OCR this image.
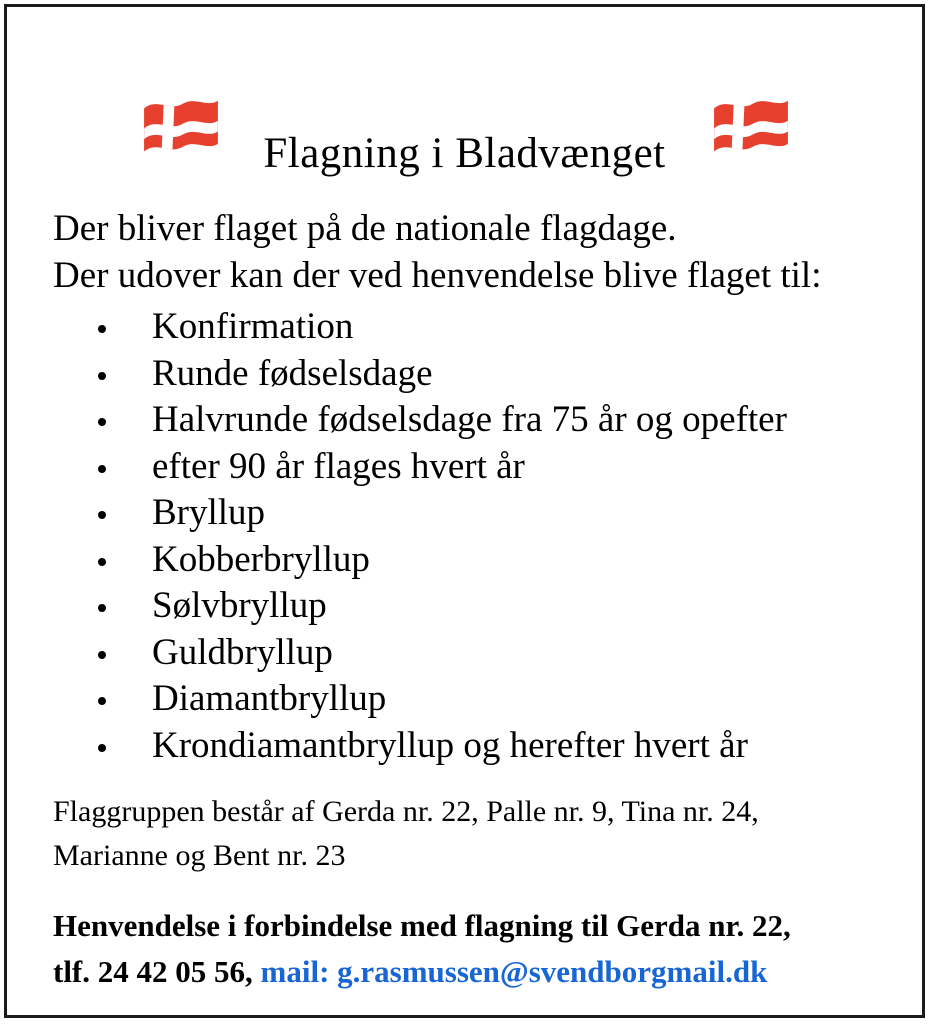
Flagning i Bladvænget

Der bliver flaget på de nationale flagdage.

Der udover kan der ved henvendelse blive flaget til:

Konfirmation
Runde fødselsdage
Halvrunde fødselsdage fra 75 år og opefter
efter 90 år flages hvert år
Bryllup
Kobberbryllup
Sølvbryllup
Guldbryllup
Diamantbryllup
Krondiamantbryllup og herefter hvert år

Flaggruppen består af Gerda nr. 22, Palle nr. 9, Tina nr. 24,
Marianne og Bent nr. 23

Henvendelse i forbindelse med flagning til Gerda nr. 22,
tlf. 24 42 05 56, mail: g.rasmussen@svendborgmail.dk
